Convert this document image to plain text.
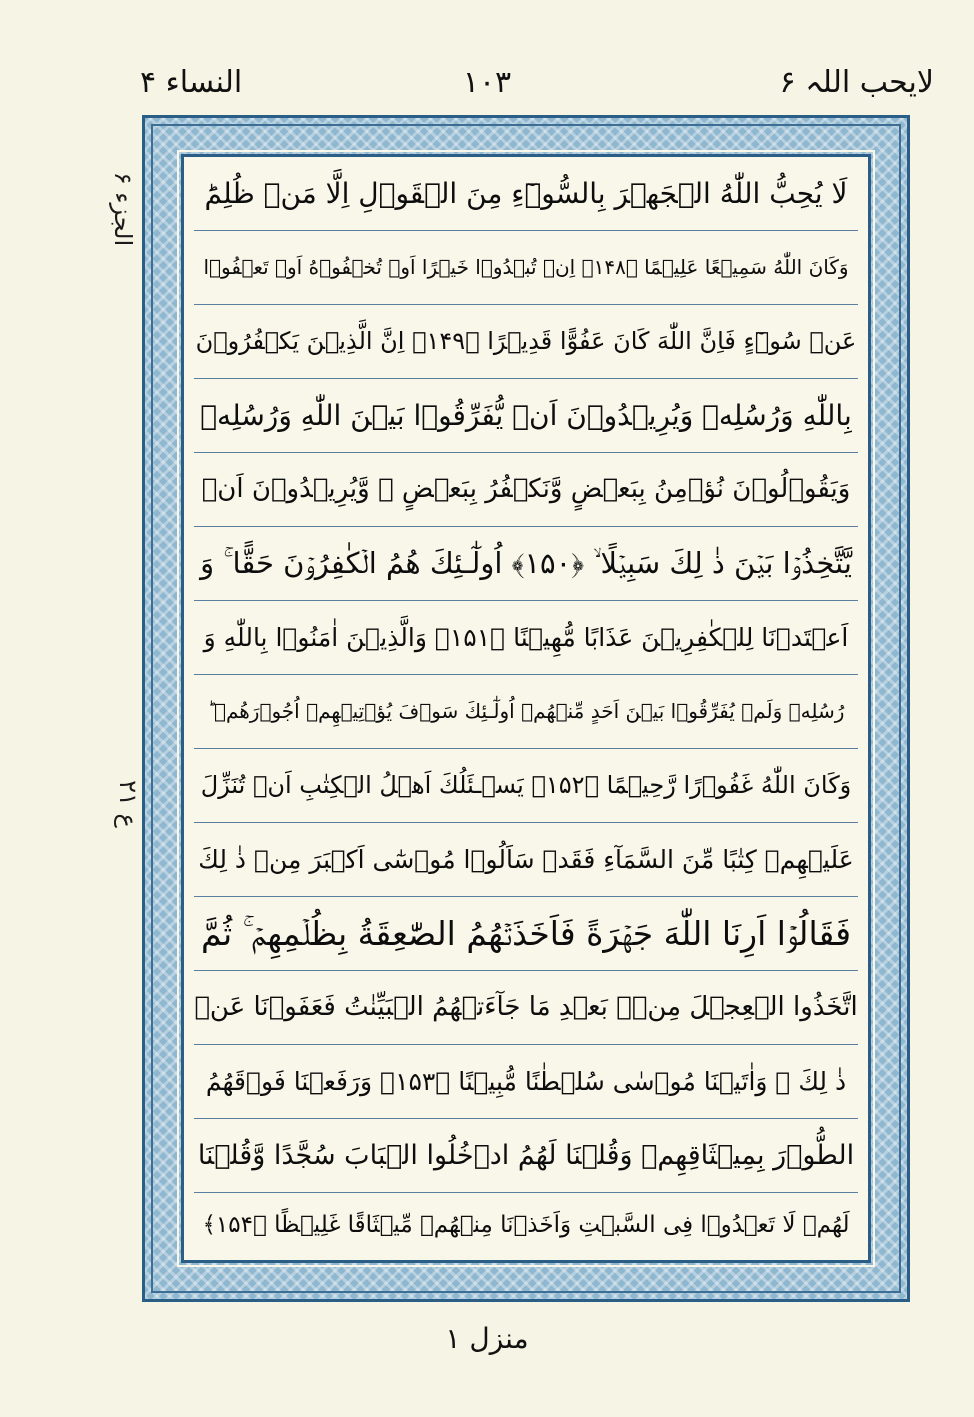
لایحب اللہ ۶
١٠٣
النساء ۴
الجزء ۶
ع ۲۱
لَا يُحِبُّ اللّٰهُ الۡجَهۡرَ بِالسُّوۡٓءِ مِنَ الۡقَوۡلِ اِلَّا مَنۡ ظُلِمَ‌ؕ
وَكَانَ اللّٰهُ سَمِيۡعًا عَلِيۡمًا ﴿۱۴۸﴾ اِنۡ تُبۡدُوۡا خَيۡرًا اَوۡ تُخۡفُوۡهُ اَوۡ تَعۡفُوۡا
عَنۡ سُوۡٓءٍ فَاِنَّ اللّٰهَ كَانَ عَفُوًّا قَدِيۡرًا ﴿۱۴۹﴾ اِنَّ الَّذِيۡنَ يَكۡفُرُوۡنَ
بِاللّٰهِ وَرُسُلِهٖ وَيُرِيۡدُوۡنَ اَنۡ يُّفَرِّقُوۡا بَيۡنَ اللّٰهِ وَرُسُلِهٖ
وَيَقُوۡلُوۡنَ نُؤۡمِنُ بِبَعۡضٍ وَّنَكۡفُرُ بِبَعۡضٍ ۙ وَّيُرِيۡدُوۡنَ اَنۡ
يَّتَّخِذُوۡا بَيۡنَ ذٰ لِكَ سَبِيۡلًا ۙ ﴿۱۵۰﴾ اُولٰٓـئِكَ هُمُ الۡكٰفِرُوۡنَ حَقًّا ‌ۚ وَ
اَعۡتَدۡنَا لِلۡكٰفِرِيۡنَ عَذَابًا مُّهِيۡنًا ﴿۱۵۱﴾ وَالَّذِيۡنَ اٰمَنُوۡا بِاللّٰهِ وَ
رُسُلِهٖ وَلَمۡ يُفَرِّقُوۡا بَيۡنَ اَحَدٍ مِّنۡهُمۡ اُولٰٓـئِكَ سَوۡفَ يُؤۡتِيۡهِمۡ اُجُوۡرَهُمۡ‌ ؕ
وَكَانَ اللّٰهُ غَفُوۡرًا رَّحِيۡمًا ﴿۱۵۲﴾ يَسۡـئَلُكَ اَهۡلُ الۡكِتٰبِ اَنۡ تُنَزِّلَ
عَلَيۡهِمۡ كِتٰبًا مِّنَ السَّمَآءِ فَقَدۡ سَاَلُوۡا مُوۡسٰٓى اَكۡبَرَ مِنۡ ذٰ لِكَ
فَقَالُوۡۤا اَرِنَا اللّٰهَ جَهۡرَةً فَاَخَذَتۡهُمُ الصّٰعِقَةُ بِظُلۡمِهِمۡ‌ ۚ ثُمَّ
اتَّخَذُوا الۡعِجۡلَ مِنۡۢ بَعۡدِ مَا جَآءَتۡهُمُ الۡبَيِّنٰتُ فَعَفَوۡنَا عَنۡ
ذٰ لِكَ‌ ۚ وَاٰتَيۡنَا مُوۡسٰى سُلۡطٰنًا مُّبِيۡنًا ﴿۱۵۳﴾ وَرَفَعۡنَا فَوۡقَهُمُ
الطُّوۡرَ بِمِيۡثَاقِهِمۡ وَقُلۡنَا لَهُمُ ادۡخُلُوا الۡبَابَ سُجَّدًا وَّقُلۡنَا
لَهُمۡ لَا تَعۡدُوۡا فِى السَّبۡتِ وَاَخَذۡنَا مِنۡهُمۡ مِّيۡثَاقًا غَلِيۡظًا ﴿۱۵۴﴾
منزل ۱
